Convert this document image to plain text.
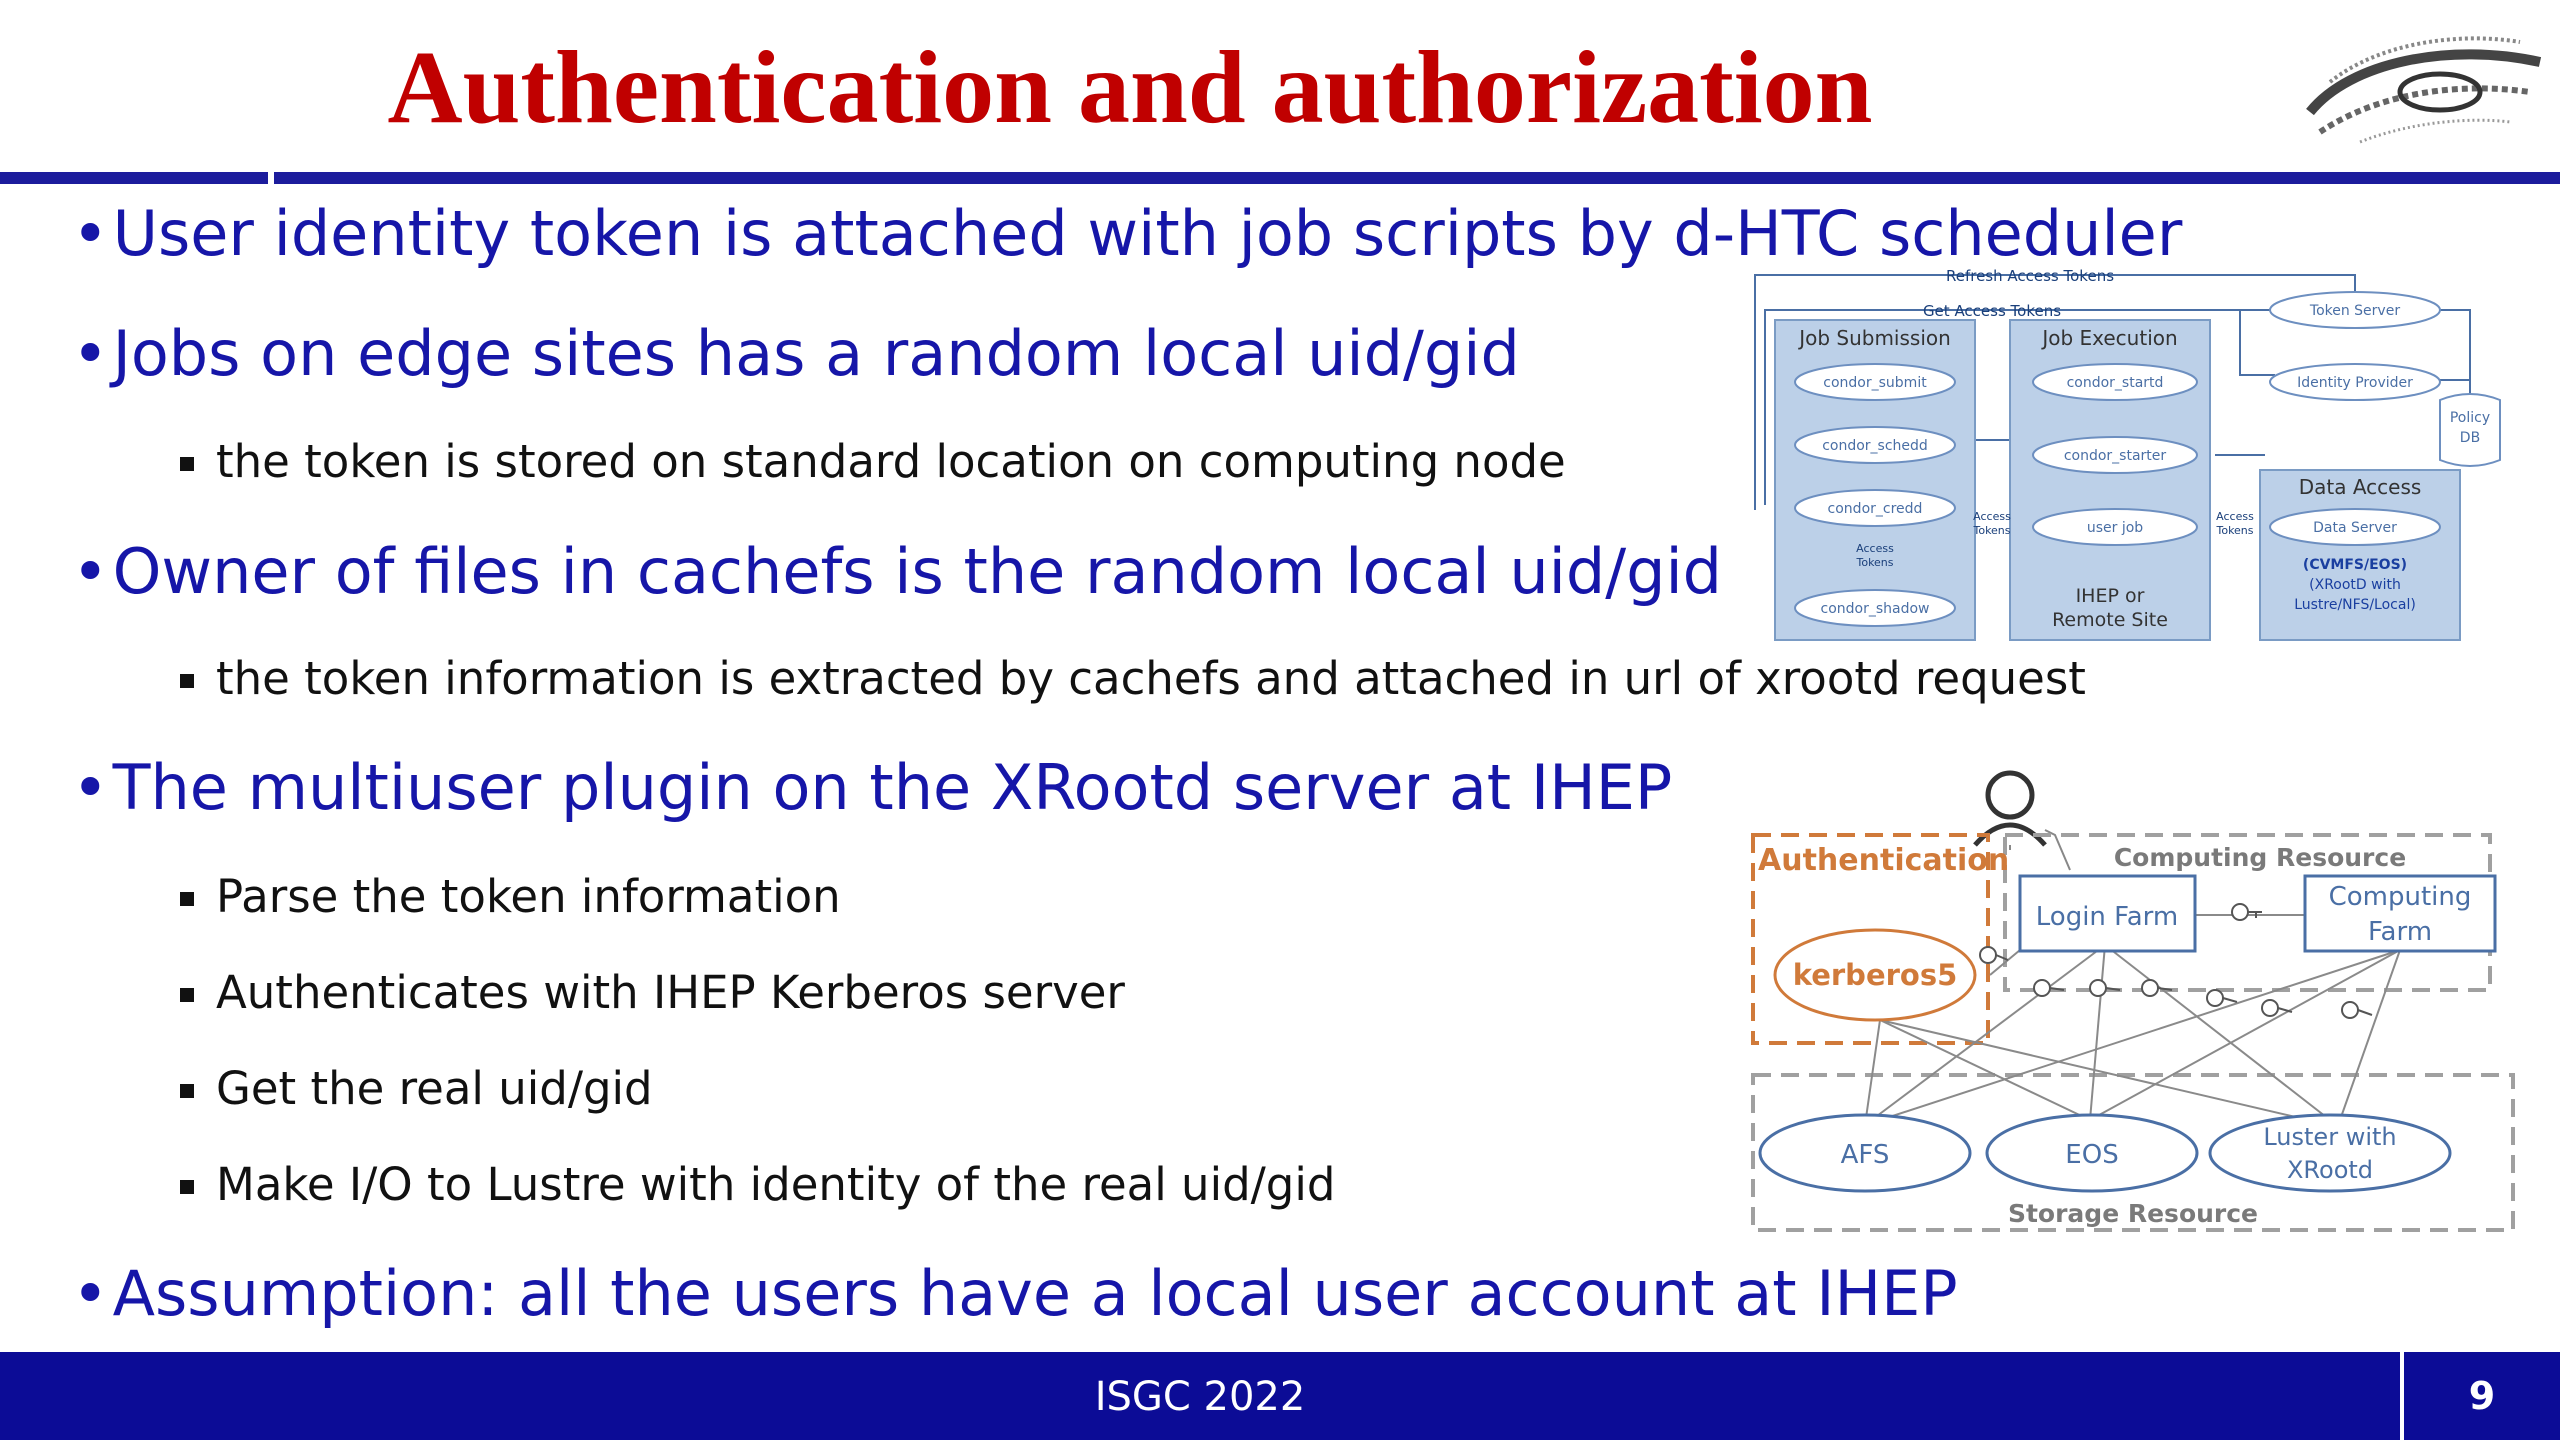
Authentication and authorization
• User identity token is attached with job scripts by d-HTC scheduler
• Jobs on edge sites has a random local uid/gid
the token is stored on standard location on computing node
• Owner of files in cachefs is the random local uid/gid
the token information is extracted by cachefs and attached in url of xrootd request
• The multiuser plugin on the XRootd server at IHEP
Parse the token information
Authenticates with IHEP Kerberos server
Get the real uid/gid
Make I/O to Lustre with identity of the real uid/gid
• Assumption: all the users have a local user account at IHEP
Refresh Access Tokens
Get Access Tokens
Job Submission	Job Execution
Data Access
condor_submit
condor_schedd
condor_credd
condor_shadow
condor_startd
condor_starter
user job
Token Server
Identity Provider
Data Server
Policy
DB
Access
Tokens
Access
Tokens
Access
Tokens
IHEP or
Remote Site
(CVMFS/EOS)
(XRootD with
Lustre/NFS/Local)
Authentication	Computing Resource
Storage Resource
Login Farm
Computing
Farm
kerberos5
AFS	EOS
Luster with
XRootd
ISGC 2022	9
